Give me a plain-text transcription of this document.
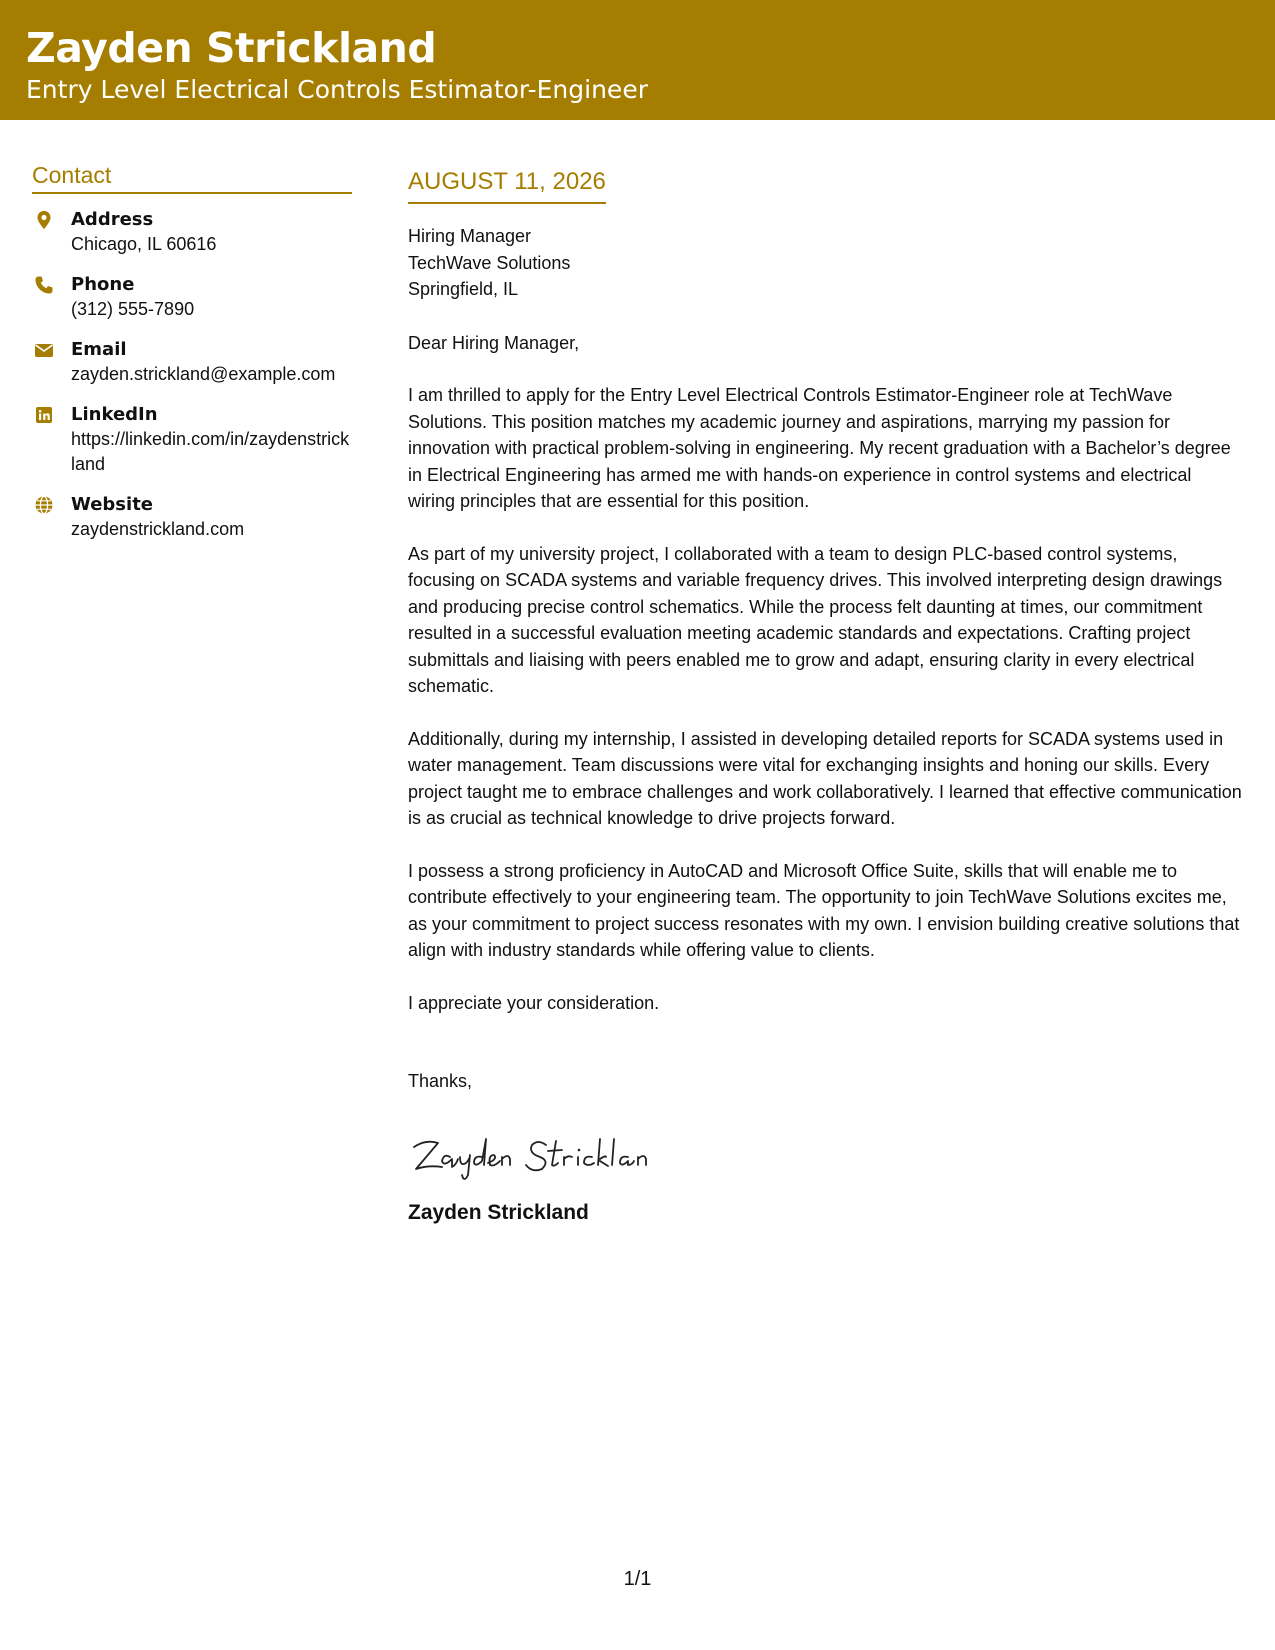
Zayden Strickland
Entry Level Electrical Controls Estimator-Engineer
Contact
Address
Chicago, IL 60616
Phone
(312) 555-7890
Email
zayden.strickland@example.com
LinkedIn
https://linkedin.com/in/zaydenstrickland
Website
zaydenstrickland.com
AUGUST 11, 2026
Hiring Manager
TechWave Solutions
Springfield, IL
Dear Hiring Manager,
I am thrilled to apply for the Entry Level Electrical Controls Estimator-Engineer role at TechWave Solutions. This position matches my academic journey and aspirations, marrying my passion for innovation with practical problem-solving in engineering. My recent graduation with a Bachelor’s degree in Electrical Engineering has armed me with hands-on experience in control systems and electrical wiring principles that are essential for this position.
As part of my university project, I collaborated with a team to design PLC-based control systems, focusing on SCADA systems and variable frequency drives. This involved interpreting design drawings and producing precise control schematics. While the process felt daunting at times, our commitment resulted in a successful evaluation meeting academic standards and expectations. Crafting project submittals and liaising with peers enabled me to grow and adapt, ensuring clarity in every electrical schematic.
Additionally, during my internship, I assisted in developing detailed reports for SCADA systems used in water management. Team discussions were vital for exchanging insights and honing our skills. Every project taught me to embrace challenges and work collaboratively. I learned that effective communication is as crucial as technical knowledge to drive projects forward.
I possess a strong proficiency in AutoCAD and Microsoft Office Suite, skills that will enable me to contribute effectively to your engineering team. The opportunity to join TechWave Solutions excites me, as your commitment to project success resonates with my own. I envision building creative solutions that align with industry standards while offering value to clients.
I appreciate your consideration.
Thanks,
Zayden Strickland
1/1
